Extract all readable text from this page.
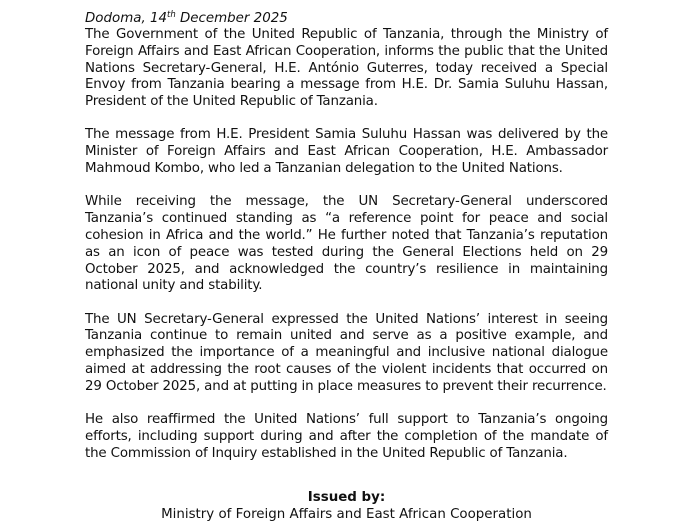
Dodoma, 14th December 2025

The Government of the United Republic of Tanzania, through the Ministry of Foreign Affairs and East African Cooperation, informs the public that the United Nations Secretary-General, H.E. António Guterres, today received a Special Envoy from Tanzania bearing a message from H.E. Dr. Samia Suluhu Hassan, President of the United Republic of Tanzania.

The message from H.E. President Samia Suluhu Hassan was delivered by the Minister of Foreign Affairs and East African Cooperation, H.E. Ambassador Mahmoud Kombo, who led a Tanzanian delegation to the United Nations.

While receiving the message, the UN Secretary-General underscored Tanzania’s continued standing as “a reference point for peace and social cohesion in Africa and the world.” He further noted that Tanzania’s reputation as an icon of peace was tested during the General Elections held on 29 October 2025, and acknowledged the country’s resilience in maintaining national unity and stability.

The UN Secretary-General expressed the United Nations’ interest in seeing Tanzania continue to remain united and serve as a positive example, and emphasized the importance of a meaningful and inclusive national dialogue aimed at addressing the root causes of the violent incidents that occurred on 29 October 2025, and at putting in place measures to prevent their recurrence.

He also reaffirmed the United Nations’ full support to Tanzania’s ongoing efforts, including support during and after the completion of the mandate of the Commission of Inquiry established in the United Republic of Tanzania.

Issued by:
Ministry of Foreign Affairs and East African Cooperation
